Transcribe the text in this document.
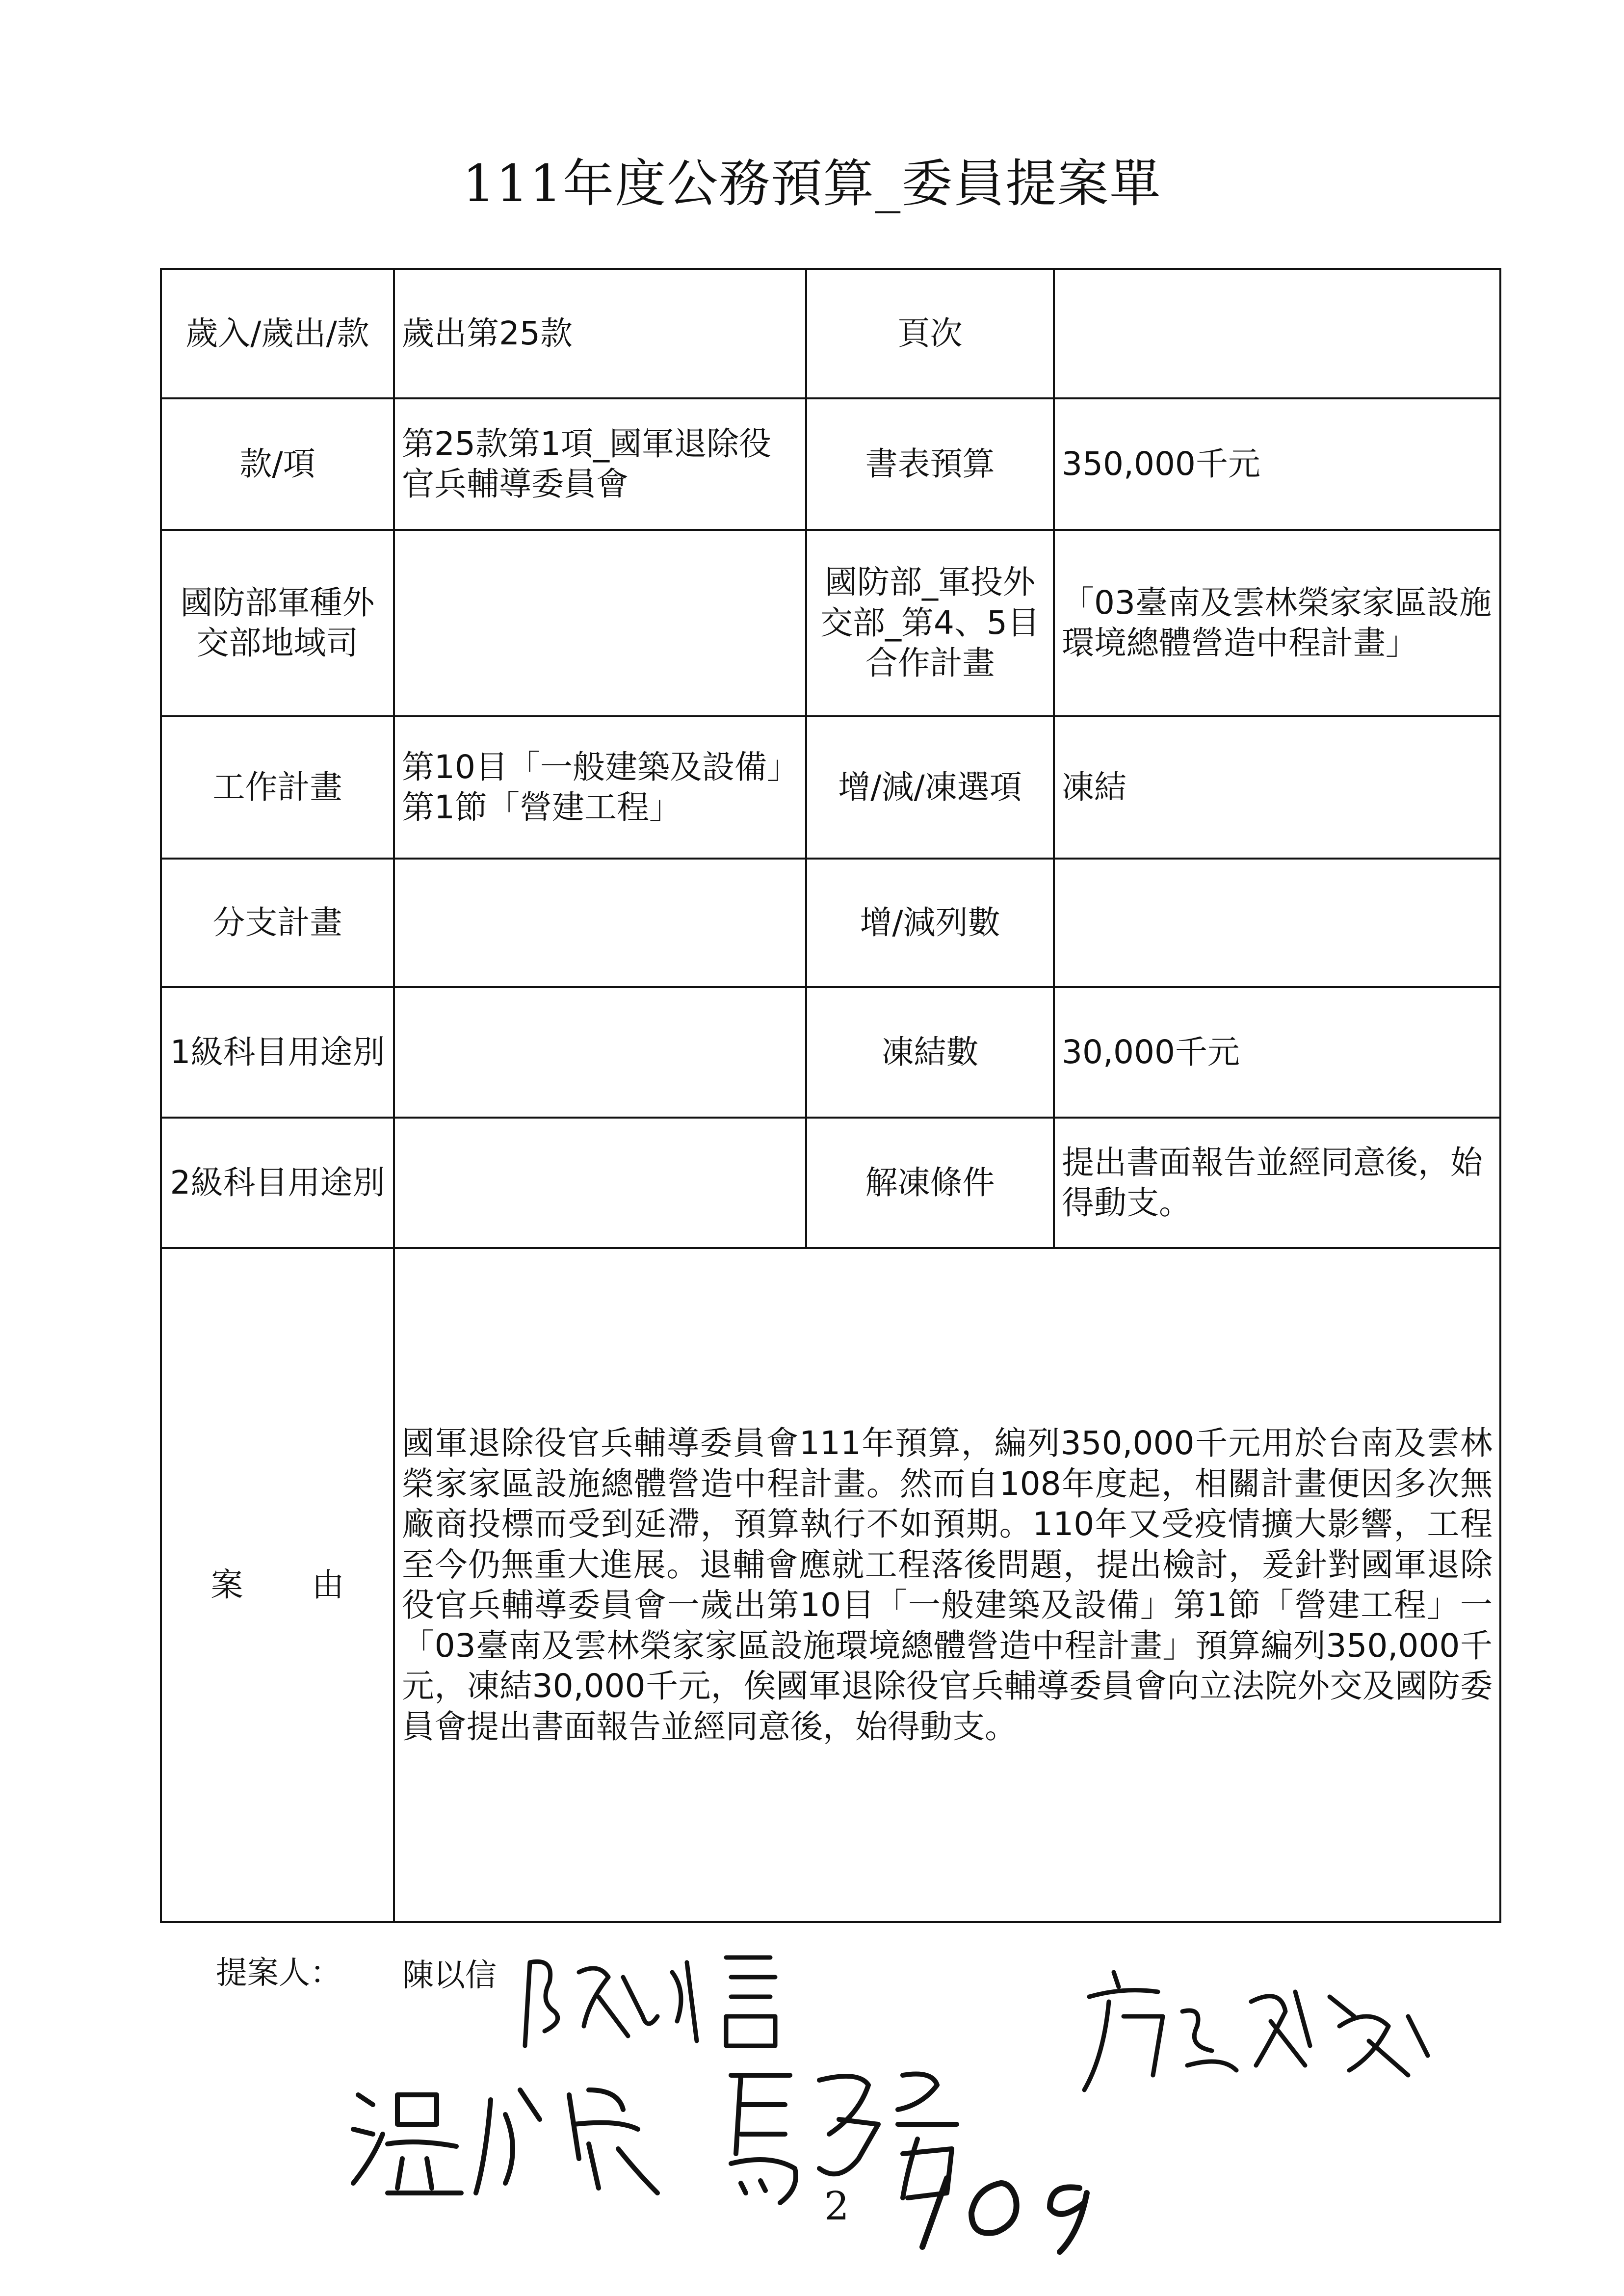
111年度公務預算_委員提案單
歲入/歲出/款	歲出第25款	頁次	
款/項	第25款第1項_國軍退除役官兵輔導委員會	書表預算	350,000千元
國防部軍種外交部地域司		國防部_軍投外交部_第4、5目合作計畫	「03臺南及雲林榮家家區設施環境總體營造中程計畫」
工作計畫	第10目「一般建築及設備」第1節「營建工程」	增/減/凍選項	凍結
分支計畫		增/減列數	
1級科目用途別		凍結數	30,000千元
2級科目用途別		解凍條件	提出書面報告並經同意後，始得動支。
案 由	國軍退除役官兵輔導委員會111年預算，編列350,000千元用於台南及雲林榮家家區設施總體營造中程計畫。然而自108年度起，相關計畫便因多次無廠商投標而受到延滯，預算執行不如預期。110年又受疫情擴大影響，工程至今仍無重大進展。退輔會應就工程落後問題，提出檢討，爰針對國軍退除役官兵輔導委員會一歲出第10目「一般建築及設備」第1節「營建工程」一「03臺南及雲林榮家家區設施環境總體營造中程計畫」預算編列350,000千元，凍結30,000千元，俟國軍退除役官兵輔導委員會向立法院外交及國防委員會提出書面報告並經同意後，始得動支。		
提案人： 陳以信
2
